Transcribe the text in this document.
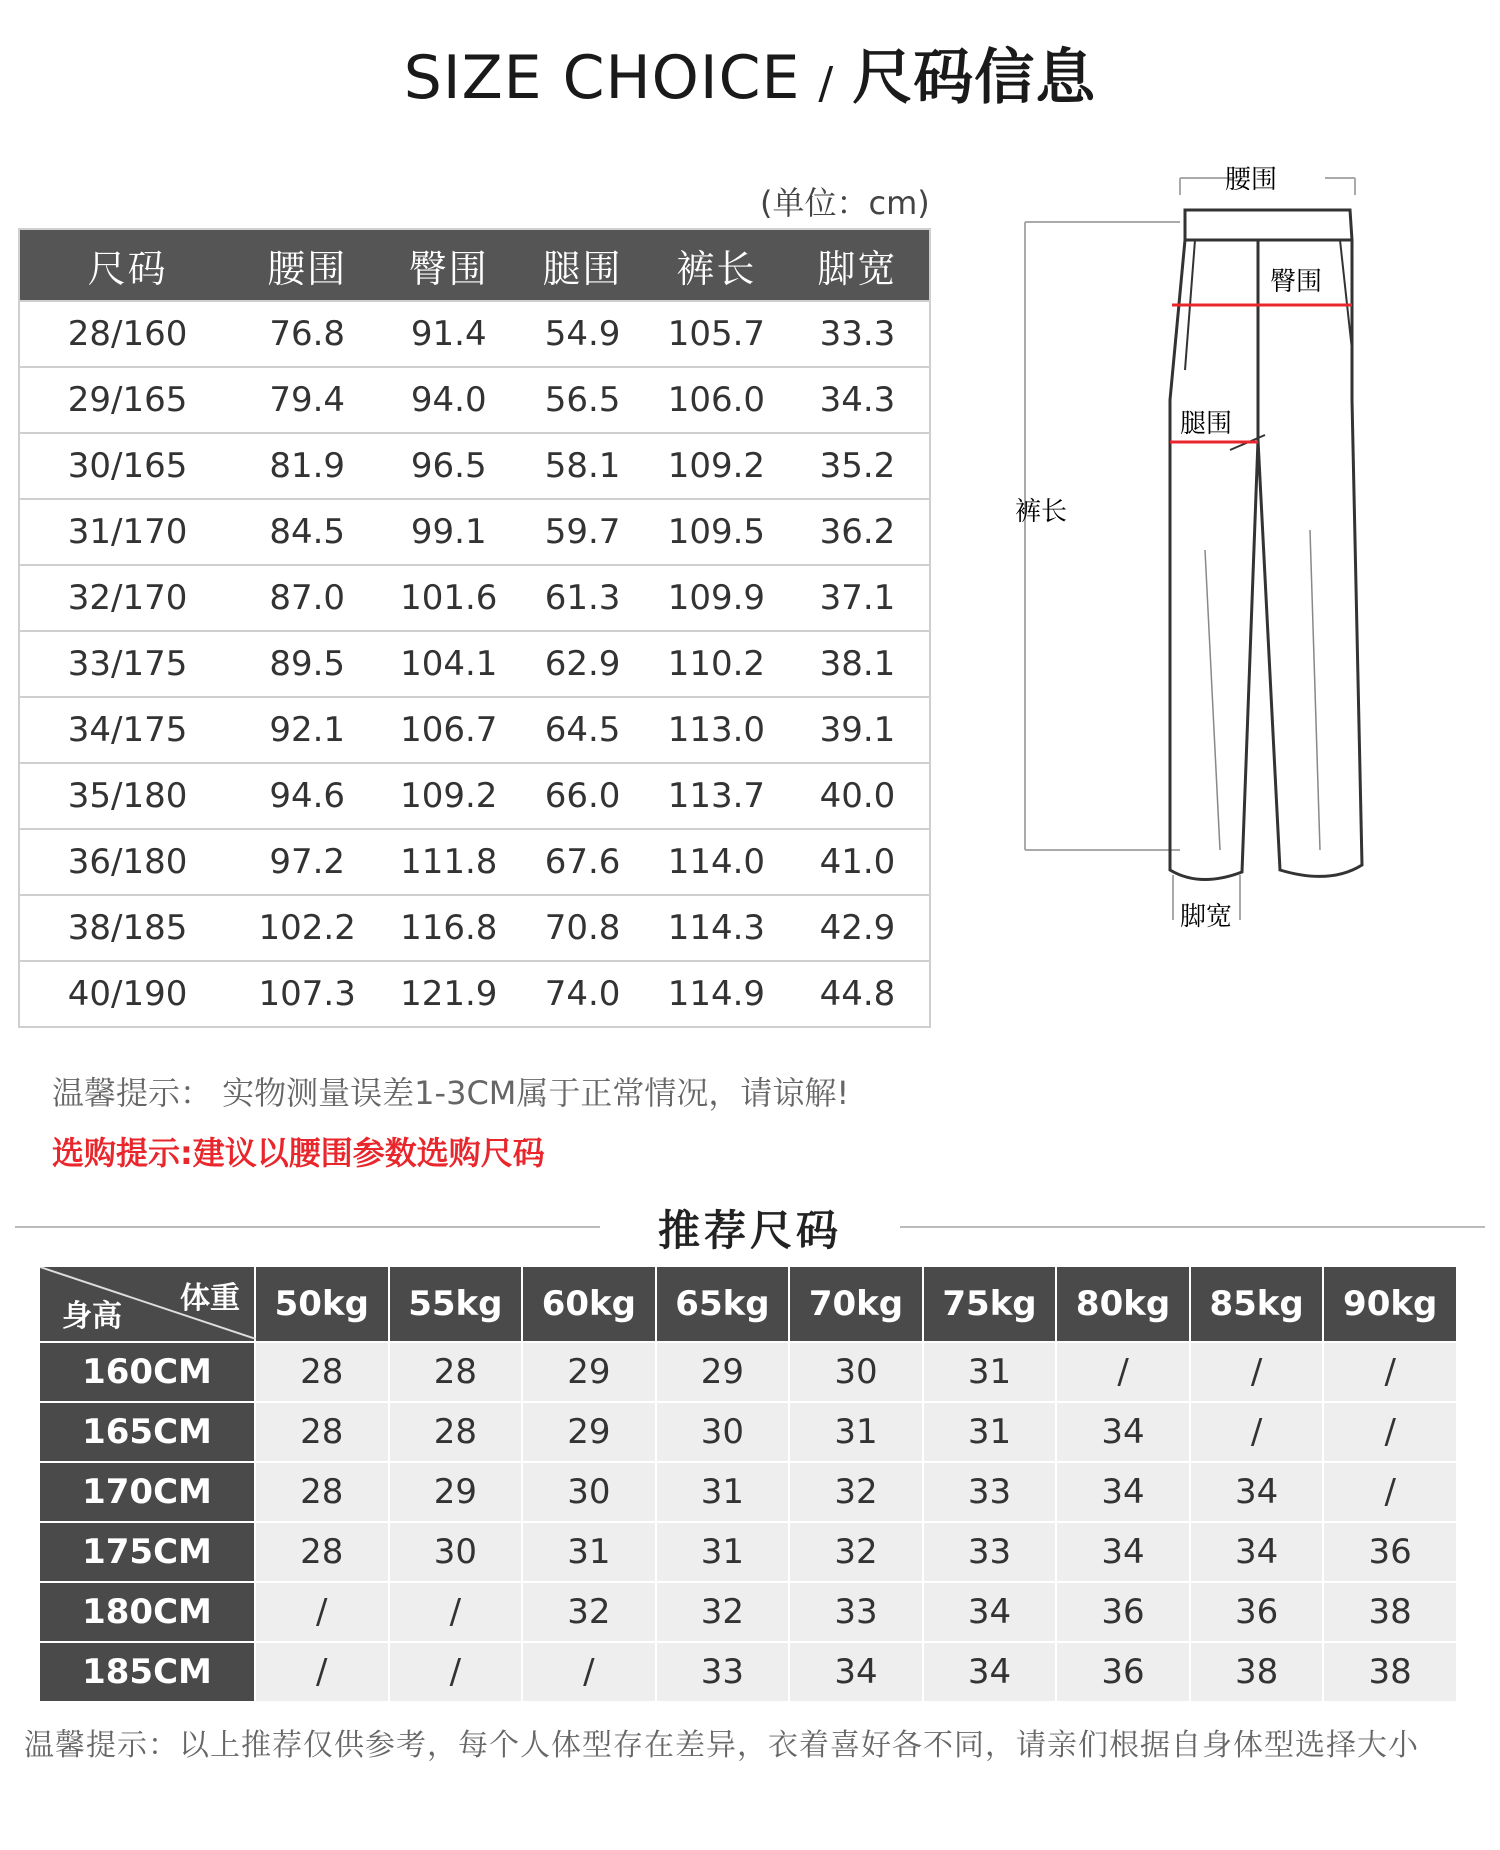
SIZE CHOICE / 尺码信息
(单位：cm)
尺码	腰围	臀围	腿围	裤长	脚宽
28/160	76.8	91.4	54.9	105.7	33.3
29/165	79.4	94.0	56.5	106.0	34.3
30/165	81.9	96.5	58.1	109.2	35.2
31/170	84.5	99.1	59.7	109.5	36.2
32/170	87.0	101.6	61.3	109.9	37.1
33/175	89.5	104.1	62.9	110.2	38.1
34/175	92.1	106.7	64.5	113.0	39.1
35/180	94.6	109.2	66.0	113.7	40.0
36/180	97.2	111.8	67.6	114.0	41.0
38/185	102.2	116.8	70.8	114.3	42.9
40/190	107.3	121.9	74.0	114.9	44.8
腰围
臀围
腿围
裤长
脚宽
温馨提示： 实物测量误差1-3CM属于正常情况，请谅解!
选购提示:建议以腰围参数选购尺码
推荐尺码
体重
身高	50kg	55kg	60kg	65kg	70kg	75kg	80kg	85kg	90kg
160CM	28	28	29	29	30	31	/	/	/
165CM	28	28	29	30	31	31	34	/	/
170CM	28	29	30	31	32	33	34	34	/
175CM	28	30	31	31	32	33	34	34	36
180CM	/	/	32	32	33	34	36	36	38
185CM	/	/	/	33	34	34	36	38	38
温馨提示：以上推荐仅供参考，每个人体型存在差异，衣着喜好各不同，请亲们根据自身体型选择大小
